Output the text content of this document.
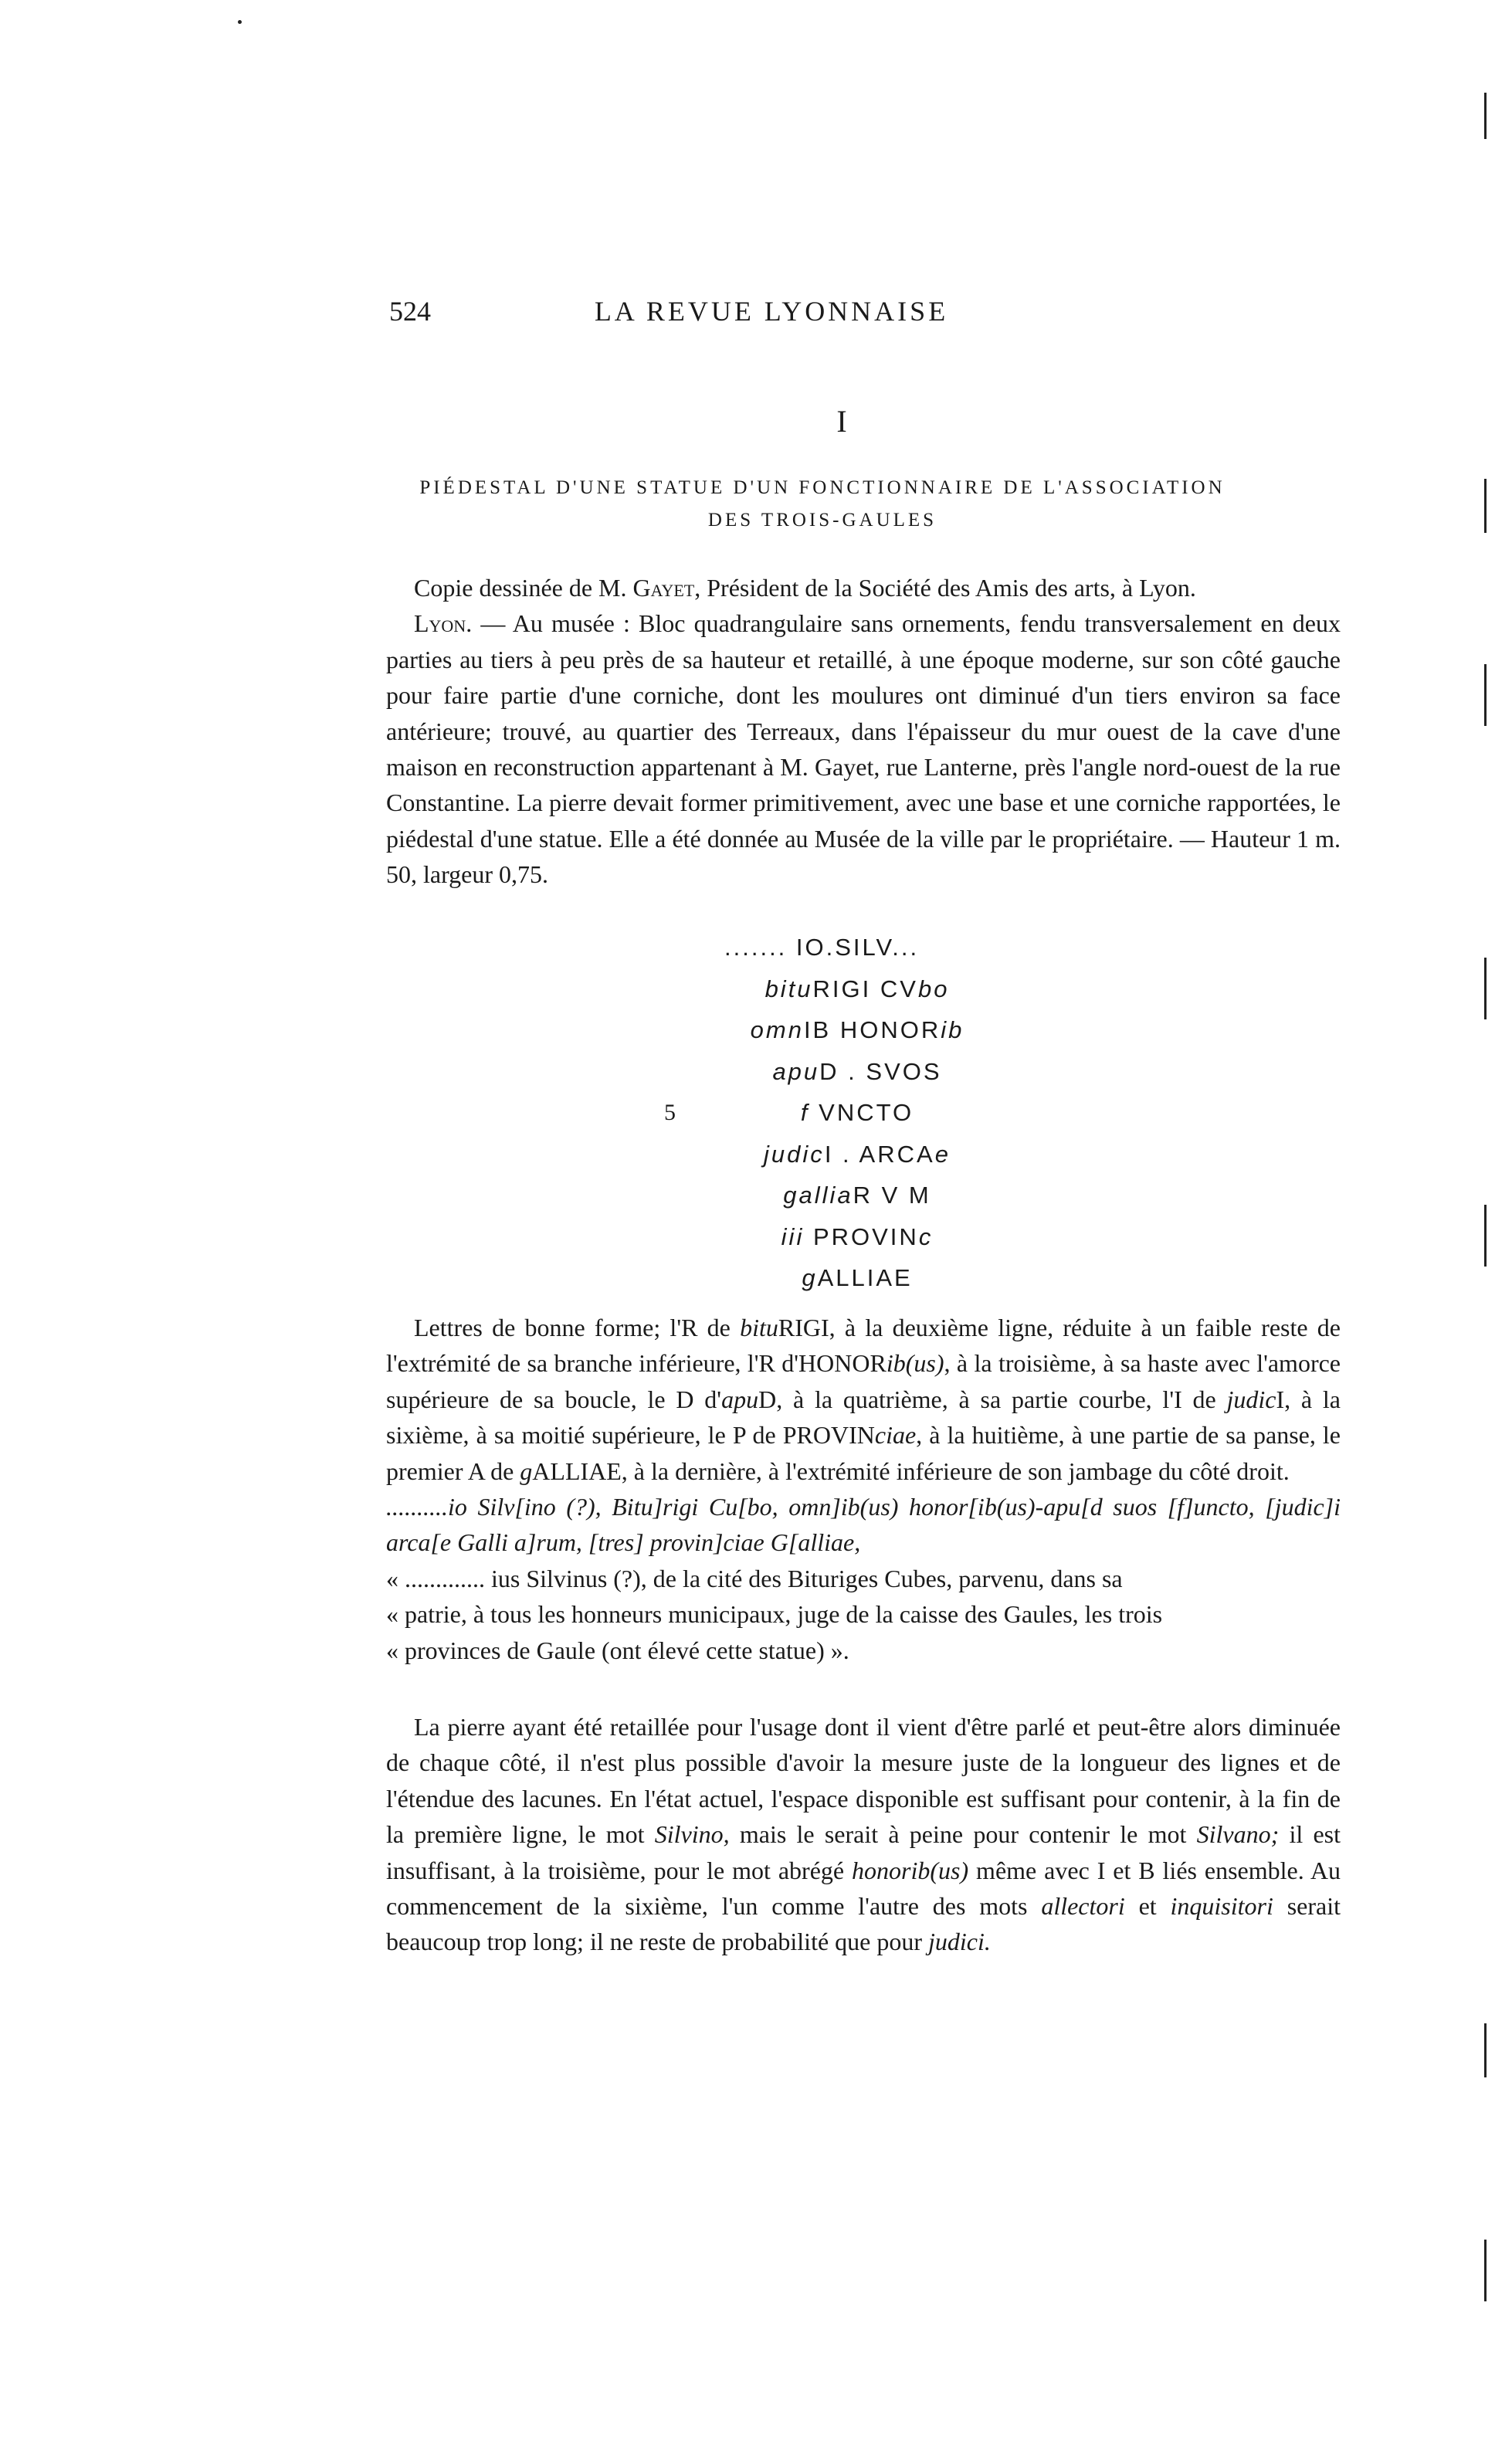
524	LA REVUE LYONNAISE
I
PIÉDESTAL D'UNE STATUE D'UN FONCTIONNAIRE DE L'ASSOCIATION
DES TROIS-GAULES

Copie dessinée de M. Gayet, Président de la Société des Amis des arts, à Lyon.

Lyon. — Au musée : Bloc quadrangulaire sans ornements, fendu transversalement en deux parties au tiers à peu près de sa hauteur et retaillé, à une époque moderne, sur son côté gauche pour faire partie d'une corniche, dont les moulures ont diminué d'un tiers environ sa face antérieure; trouvé, au quartier des Terreaux, dans l'épaisseur du mur ouest de la cave d'une maison en reconstruction appartenant à M. Gayet, rue Lanterne, près l'angle nord-ouest de la rue Constantine. La pierre devait former primitivement, avec une base et une corniche rapportées, le piédestal d'une statue. Elle a été donnée au Musée de la ville par le propriétaire. — Hauteur 1 m. 50, largeur 0,75.

....... IO.SILV...
bituRIGI CVbo
omnIB HONORib
apuD . SVOS
5	f VNCTO
judicI . ARCAe
galliaR V M
iii PROVINc
gALLIAE

Lettres de bonne forme; l'R de bituRIGI, à la deuxième ligne, réduite à un faible reste de l'extrémité de sa branche inférieure, l'R d'HONORib(us), à la troisième, à sa haste avec l'amorce supérieure de sa boucle, le D d'apuD, à la quatrième, à sa partie courbe, l'I de judicI, à la sixième, à sa moitié supérieure, le P de PROVINciae, à la huitième, à une partie de sa panse, le premier A de gALLIAE, à la dernière, à l'extrémité inférieure de son jambage du côté droit.

..........io Silv[ino (?), Bitu]rigi Cu[bo, omn]ib(us) honor[ib(us)-apu[d suos [f]uncto, [judic]i arca[e Galli a]rum, [tres] provin]ciae G[alliae,

« ............. ius Silvinus (?), de la cité des Bituriges Cubes, parvenu, dans sa

« patrie, à tous les honneurs municipaux, juge de la caisse des Gaules, les trois

« provinces de Gaule (ont élevé cette statue) ».

La pierre ayant été retaillée pour l'usage dont il vient d'être parlé et peut-être alors diminuée de chaque côté, il n'est plus possible d'avoir la mesure juste de la longueur des lignes et de l'étendue des lacunes. En l'état actuel, l'espace disponible est suffisant pour contenir, à la fin de la première ligne, le mot Silvino, mais le serait à peine pour contenir le mot Silvano; il est insuffisant, à la troisième, pour le mot abrégé honorib(us) même avec I et B liés ensemble. Au commencement de la sixième, l'un comme l'autre des mots allectori et inquisitori serait beaucoup trop long; il ne reste de probabilité que pour judici.
